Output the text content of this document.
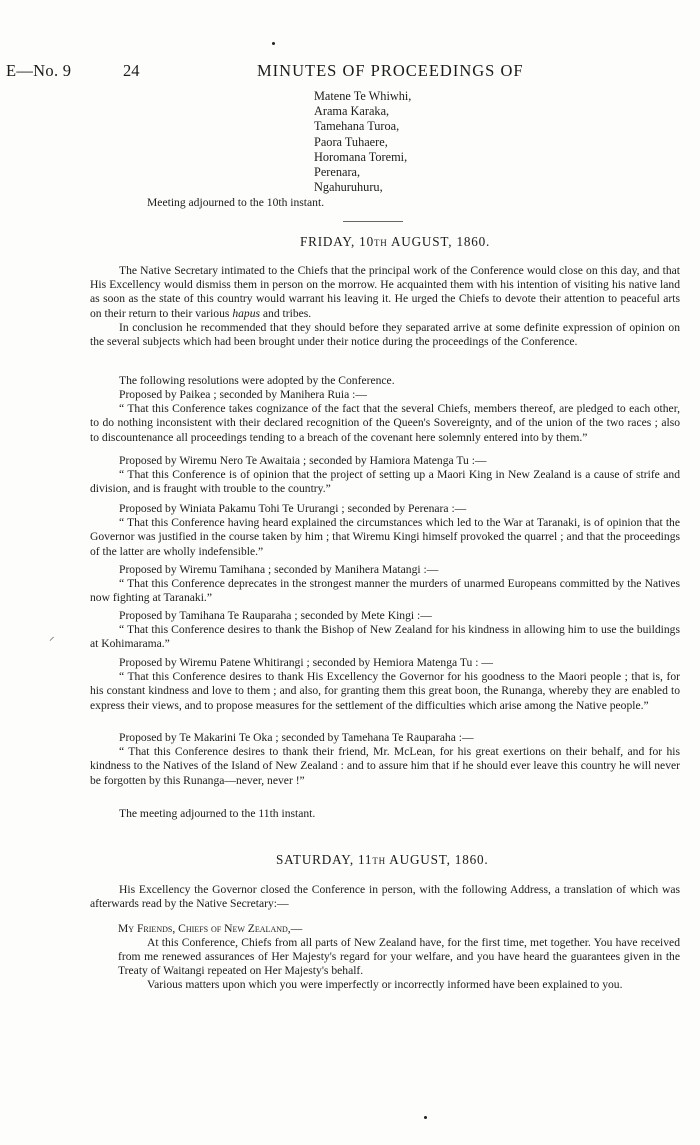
⸝
E—No. 9	24	MINUTES OF PROCEEDINGS OF
Matene Te Whiwhi,
Arama Karaka,
Tamehana Turoa,
Paora Tuhaere,
Horomana Toremi,
Perenara,
Ngahuruhuru,
Meeting adjourned to the 10th instant.
FRIDAY, 10TH AUGUST, 1860.
The Native Secretary intimated to the Chiefs that the principal work of the Conference would close on this day, and that His Excellency would dismiss them in person on the morrow. He acquainted them with his intention of visiting his native land as soon as the state of this country would warrant his leaving it. He urged the Chiefs to devote their attention to peaceful arts on their return to their various hapus and tribes.
In conclusion he recommended that they should before they separated arrive at some definite expression of opinion on the several subjects which had been brought under their notice during the proceedings of the Conference.
The following resolutions were adopted by the Conference.
Proposed by Paikea ; seconded by Manihera Ruia :—
“ That this Conference takes cognizance of the fact that the several Chiefs, members thereof, are pledged to each other, to do nothing inconsistent with their declared recognition of the Queen's Sovereignty, and of the union of the two races ; also to discountenance all proceedings tending to a breach of the covenant here solemnly entered into by them.”
Proposed by Wiremu Nero Te Awaitaia ; seconded by Hamiora Matenga Tu :—
“ That this Conference is of opinion that the project of setting up a Maori King in New Zealand is a cause of strife and division, and is fraught with trouble to the country.”
Proposed by Winiata Pakamu Tohi Te Ururangi ; seconded by Perenara :—
“ That this Conference having heard explained the circumstances which led to the War at Taranaki, is of opinion that the Governor was justified in the course taken by him ; that Wiremu Kingi himself provoked the quarrel ; and that the proceedings of the latter are wholly indefensible.”
Proposed by Wiremu Tamihana ; seconded by Manihera Matangi :—
“ That this Conference deprecates in the strongest manner the murders of unarmed Europeans committed by the Natives now fighting at Taranaki.”
Proposed by Tamihana Te Rauparaha ; seconded by Mete Kingi :—
“ That this Conference desires to thank the Bishop of New Zealand for his kindness in allowing him to use the buildings at Kohimarama.”
Proposed by Wiremu Patene Whitirangi ; seconded by Hemiora Matenga Tu : —
“ That this Conference desires to thank His Excellency the Governor for his goodness to the Maori people ; that is, for his constant kindness and love to them ; and also, for granting them this great boon, the Runanga, whereby they are enabled to express their views, and to propose measures for the settlement of the difficulties which arise among the Native people.”
Proposed by Te Makarini Te Oka ; seconded by Tamehana Te Rauparaha :—
“ That this Conference desires to thank their friend, Mr. McLean, for his great exertions on their behalf, and for his kindness to the Natives of the Island of New Zealand : and to assure him that if he should ever leave this country he will never be forgotten by this Runanga—never, never !”
The meeting adjourned to the 11th instant.
SATURDAY, 11TH AUGUST, 1860.
His Excellency the Governor closed the Conference in person, with the following Address, a translation of which was afterwards read by the Native Secretary:—
My Friends, Chiefs of New Zealand,—
At this Conference, Chiefs from all parts of New Zealand have, for the first time, met together. You have received from me renewed assurances of Her Majesty's regard for your welfare, and you have heard the guarantees given in the Treaty of Waitangi repeated on Her Majesty's behalf.
Various matters upon which you were imperfectly or incorrectly informed have been explained to you.
